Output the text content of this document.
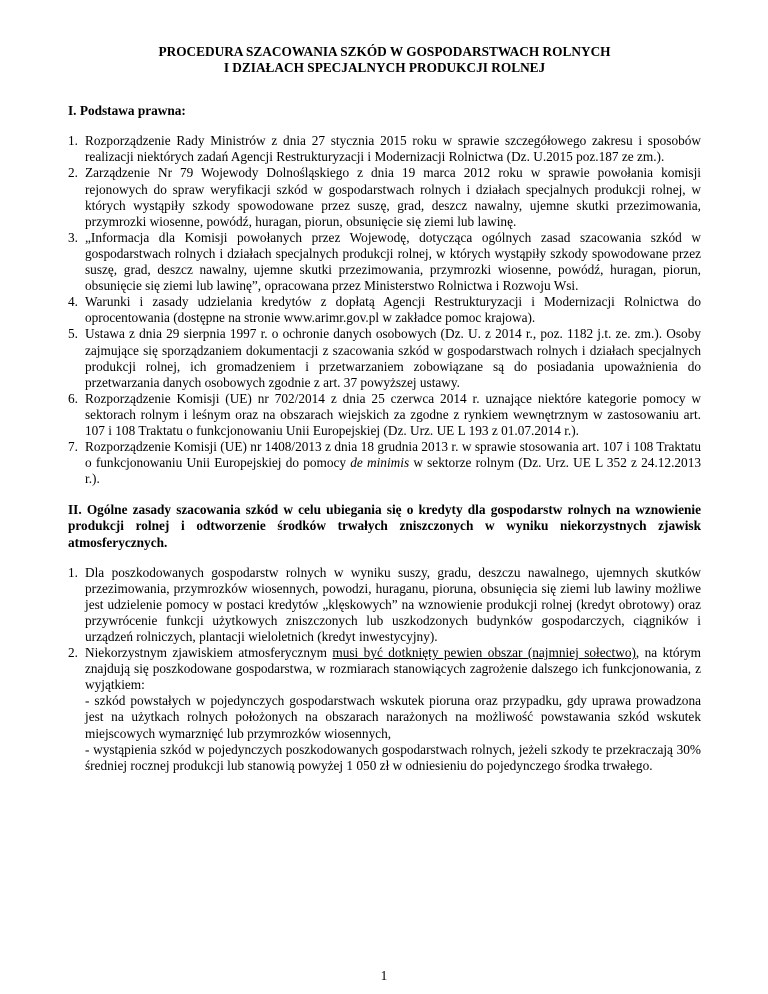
PROCEDURA SZACOWANIA SZKÓD W GOSPODARSTWACH ROLNYCH
I DZIAŁACH SPECJALNYCH PRODUKCJI ROLNEJ

I. Podstawa prawna:

1. Rozporządzenie Rady Ministrów z dnia 27 stycznia 2015 roku w sprawie szczegółowego zakresu i sposobów realizacji niektórych zadań Agencji Restrukturyzacji i Modernizacji Rolnictwa (Dz. U.2015 poz.187 ze zm.).
2. Zarządzenie Nr 79 Wojewody Dolnośląskiego z dnia 19 marca 2012 roku w sprawie powołania komisji rejonowych do spraw weryfikacji szkód w gospodarstwach rolnych i działach specjalnych produkcji rolnej, w których wystąpiły szkody spowodowane przez suszę, grad, deszcz nawalny, ujemne skutki przezimowania, przymrozki wiosenne, powódź, huragan, piorun, obsunięcie się ziemi lub lawinę.
3. „Informacja dla Komisji powołanych przez Wojewodę, dotycząca ogólnych zasad szacowania szkód w gospodarstwach rolnych i działach specjalnych produkcji rolnej, w których wystąpiły szkody spowodowane przez suszę, grad, deszcz nawalny, ujemne skutki przezimowania, przymrozki wiosenne, powódź, huragan, piorun, obsunięcie się ziemi lub lawinę”, opracowana przez Ministerstwo Rolnictwa i Rozwoju Wsi.
4. Warunki i zasady udzielania kredytów z dopłatą Agencji Restrukturyzacji i Modernizacji Rolnictwa do oprocentowania (dostępne na stronie www.arimr.gov.pl w zakładce pomoc krajowa).
5. Ustawa z dnia 29 sierpnia 1997 r. o ochronie danych osobowych (Dz. U. z 2014 r., poz. 1182 j.t. ze. zm.). Osoby zajmujące się sporządzaniem dokumentacji z szacowania szkód w gospodarstwach rolnych i działach specjalnych produkcji rolnej, ich gromadzeniem i przetwarzaniem zobowiązane są do posiadania upoważnienia do przetwarzania danych osobowych zgodnie z art. 37 powyższej ustawy.
6. Rozporządzenie Komisji (UE) nr 702/2014 z dnia 25 czerwca 2014 r. uznające niektóre kategorie pomocy w sektorach rolnym i leśnym oraz na obszarach wiejskich za zgodne z rynkiem wewnętrznym w zastosowaniu art. 107 i 108 Traktatu o funkcjonowaniu Unii Europejskiej (Dz. Urz. UE L 193 z 01.07.2014 r.).
7. Rozporządzenie Komisji (UE) nr 1408/2013 z dnia 18 grudnia 2013 r. w sprawie stosowania art. 107 i 108 Traktatu o funkcjonowaniu Unii Europejskiej do pomocy de minimis w sektorze rolnym (Dz. Urz. UE L 352 z 24.12.2013 r.).

II. Ogólne zasady szacowania szkód w celu ubiegania się o kredyty dla gospodarstw rolnych na wznowienie produkcji rolnej i odtworzenie środków trwałych zniszczonych w wyniku niekorzystnych zjawisk atmosferycznych.

1. Dla poszkodowanych gospodarstw rolnych w wyniku suszy, gradu, deszczu nawalnego, ujemnych skutków przezimowania, przymrozków wiosennych, powodzi, huraganu, pioruna, obsunięcia się ziemi lub lawiny możliwe jest udzielenie pomocy w postaci kredytów „klęskowych” na wznowienie produkcji rolnej (kredyt obrotowy) oraz przywrócenie funkcji użytkowych zniszczonych lub uszkodzonych budynków gospodarczych, ciągników i urządzeń rolniczych, plantacji wieloletnich (kredyt inwestycyjny).
2. Niekorzystnym zjawiskiem atmosferycznym musi być dotknięty pewien obszar (najmniej sołectwo), na którym znajdują się poszkodowane gospodarstwa, w rozmiarach stanowiących zagrożenie dalszego ich funkcjonowania, z wyjątkiem:
- szkód powstałych w pojedynczych gospodarstwach wskutek pioruna oraz przypadku, gdy uprawa prowadzona jest na użytkach rolnych położonych na obszarach narażonych na możliwość powstawania szkód wskutek miejscowych wymarznięć lub przymrozków wiosennych,
- wystąpienia szkód w pojedynczych poszkodowanych gospodarstwach rolnych, jeżeli szkody te przekraczają 30% średniej rocznej produkcji lub stanowią powyżej 1 050 zł w odniesieniu do pojedynczego środka trwałego.
1
